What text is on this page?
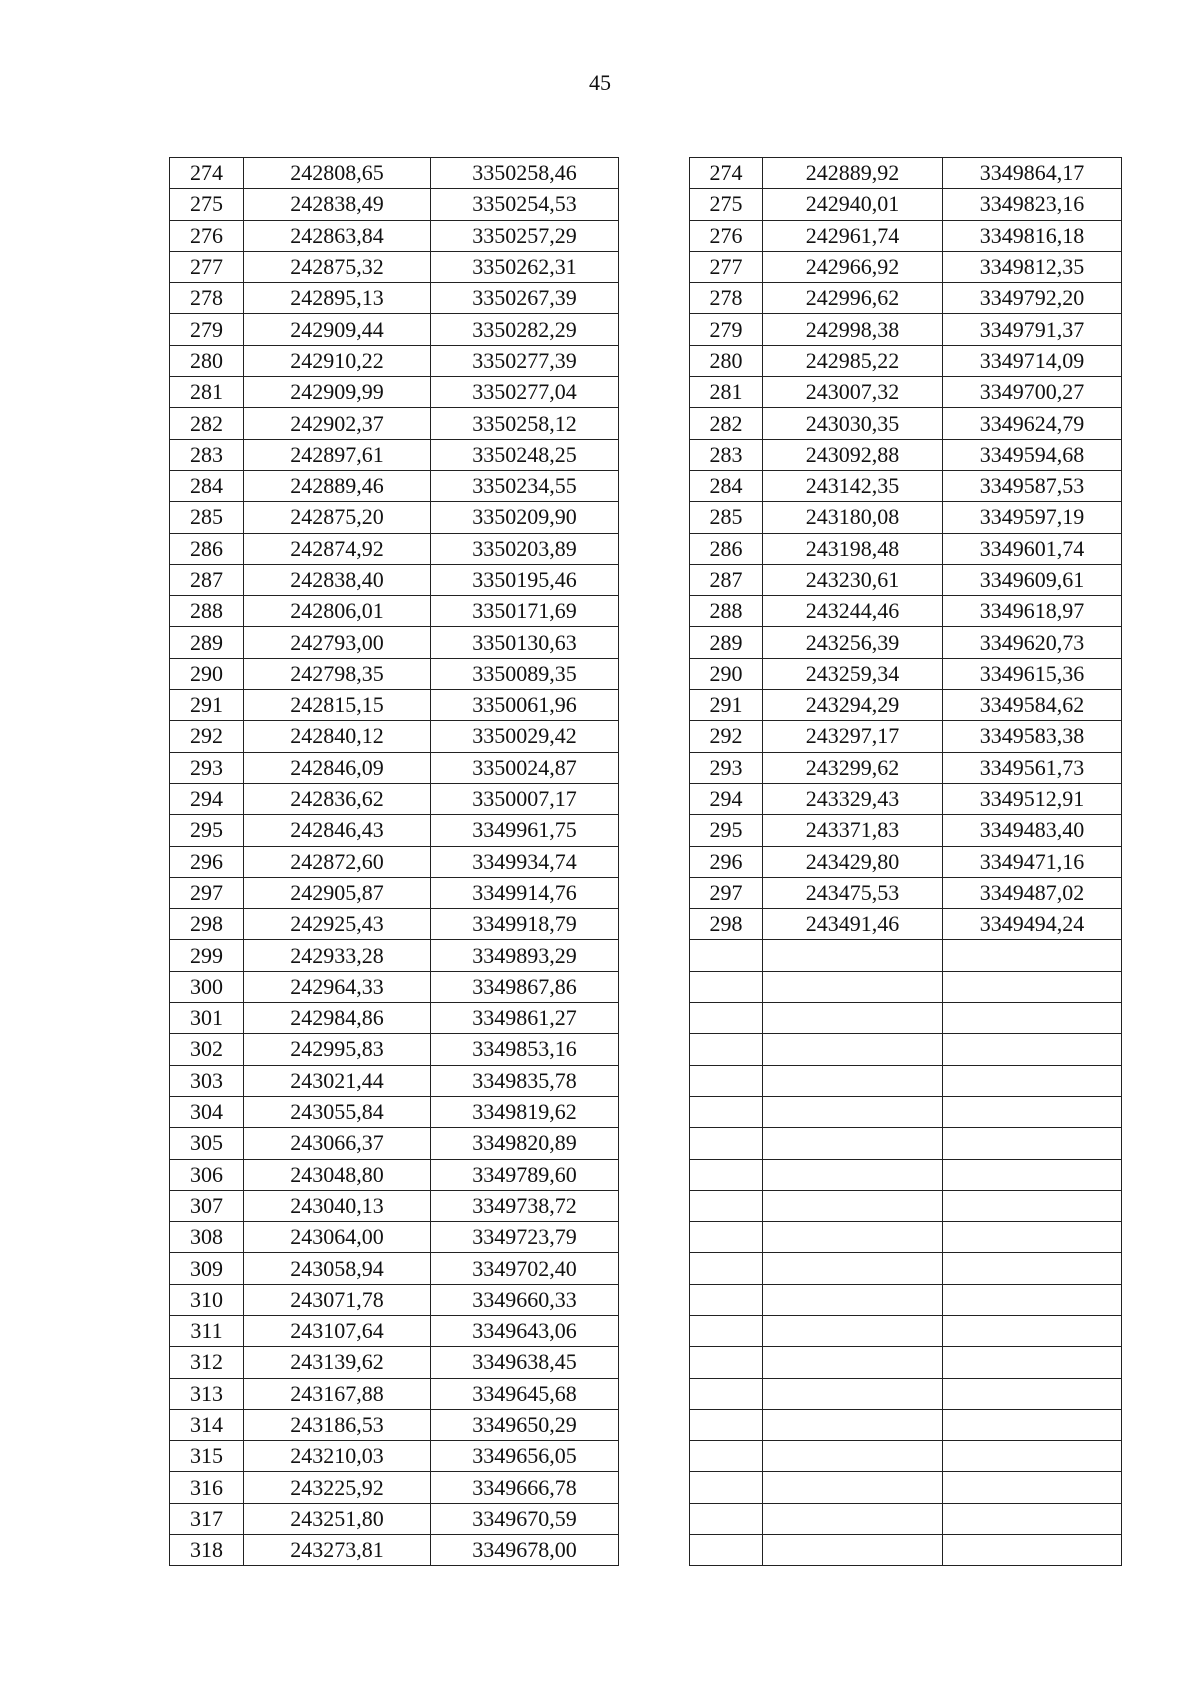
45
274	242808,65	3350258,46
275	242838,49	3350254,53
276	242863,84	3350257,29
277	242875,32	3350262,31
278	242895,13	3350267,39
279	242909,44	3350282,29
280	242910,22	3350277,39
281	242909,99	3350277,04
282	242902,37	3350258,12
283	242897,61	3350248,25
284	242889,46	3350234,55
285	242875,20	3350209,90
286	242874,92	3350203,89
287	242838,40	3350195,46
288	242806,01	3350171,69
289	242793,00	3350130,63
290	242798,35	3350089,35
291	242815,15	3350061,96
292	242840,12	3350029,42
293	242846,09	3350024,87
294	242836,62	3350007,17
295	242846,43	3349961,75
296	242872,60	3349934,74
297	242905,87	3349914,76
298	242925,43	3349918,79
299	242933,28	3349893,29
300	242964,33	3349867,86
301	242984,86	3349861,27
302	242995,83	3349853,16
303	243021,44	3349835,78
304	243055,84	3349819,62
305	243066,37	3349820,89
306	243048,80	3349789,60
307	243040,13	3349738,72
308	243064,00	3349723,79
309	243058,94	3349702,40
310	243071,78	3349660,33
311	243107,64	3349643,06
312	243139,62	3349638,45
313	243167,88	3349645,68
314	243186,53	3349650,29
315	243210,03	3349656,05
316	243225,92	3349666,78
317	243251,80	3349670,59
318	243273,81	3349678,00
274	242889,92	3349864,17
275	242940,01	3349823,16
276	242961,74	3349816,18
277	242966,92	3349812,35
278	242996,62	3349792,20
279	242998,38	3349791,37
280	242985,22	3349714,09
281	243007,32	3349700,27
282	243030,35	3349624,79
283	243092,88	3349594,68
284	243142,35	3349587,53
285	243180,08	3349597,19
286	243198,48	3349601,74
287	243230,61	3349609,61
288	243244,46	3349618,97
289	243256,39	3349620,73
290	243259,34	3349615,36
291	243294,29	3349584,62
292	243297,17	3349583,38
293	243299,62	3349561,73
294	243329,43	3349512,91
295	243371,83	3349483,40
296	243429,80	3349471,16
297	243475,53	3349487,02
298	243491,46	3349494,24
